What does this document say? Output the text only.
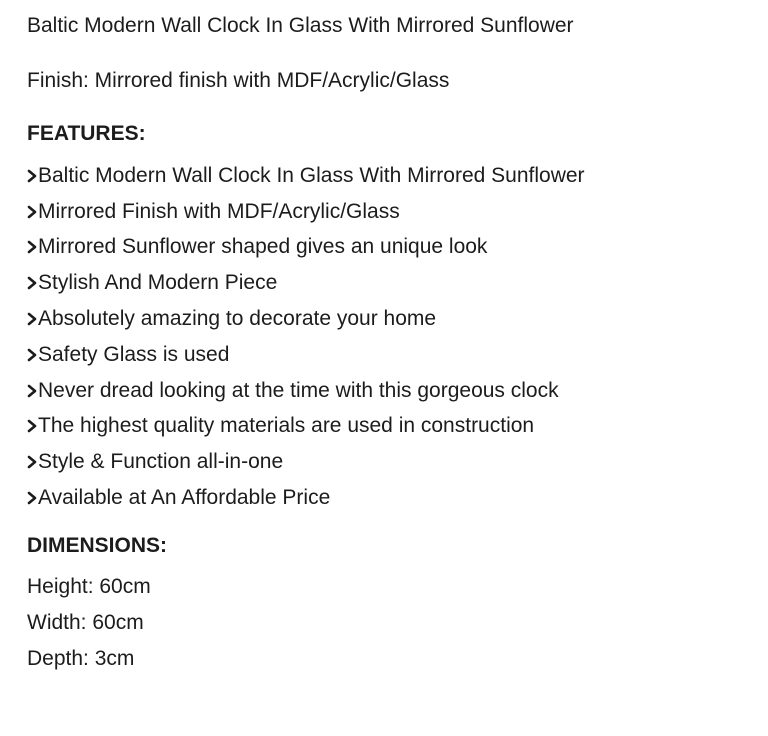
Baltic Modern Wall Clock In Glass With Mirrored Sunflower

Finish: Mirrored finish with MDF/Acrylic/Glass

FEATURES:
Baltic Modern Wall Clock In Glass With Mirrored Sunflower
Mirrored Finish with MDF/Acrylic/Glass
Mirrored Sunflower shaped gives an unique look
Stylish And Modern Piece
Absolutely amazing to decorate your home
Safety Glass is used
Never dread looking at the time with this gorgeous clock
The highest quality materials are used in construction
Style & Function all-in-one
Available at An Affordable Price
DIMENSIONS:
Height: 60cm
Width: 60cm
Depth: 3cm
